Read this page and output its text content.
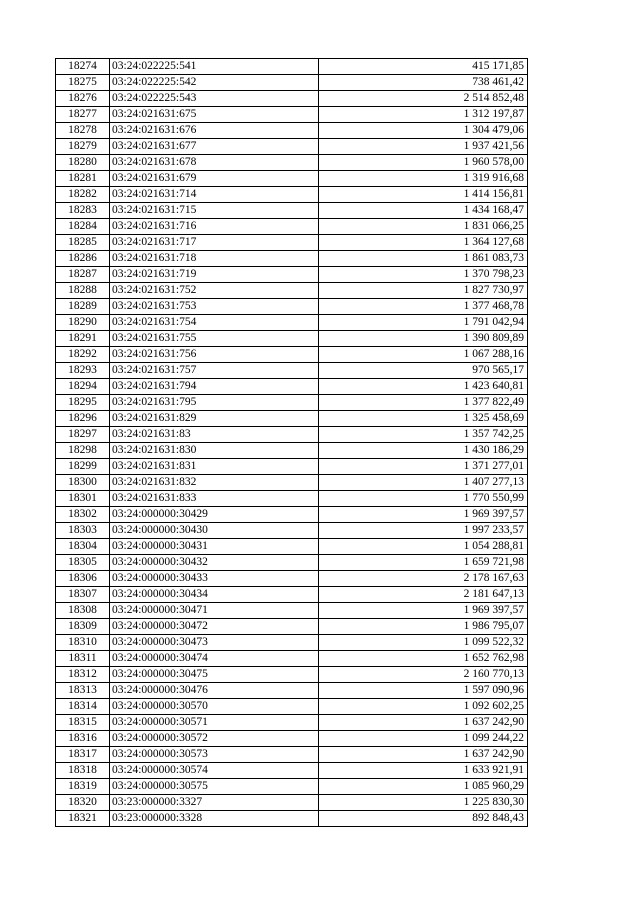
18274	03:24:022225:541	415 171,85
18275	03:24:022225:542	738 461,42
18276	03:24:022225:543	2 514 852,48
18277	03:24:021631:675	1 312 197,87
18278	03:24:021631:676	1 304 479,06
18279	03:24:021631:677	1 937 421,56
18280	03:24:021631:678	1 960 578,00
18281	03:24:021631:679	1 319 916,68
18282	03:24:021631:714	1 414 156,81
18283	03:24:021631:715	1 434 168,47
18284	03:24:021631:716	1 831 066,25
18285	03:24:021631:717	1 364 127,68
18286	03:24:021631:718	1 861 083,73
18287	03:24:021631:719	1 370 798,23
18288	03:24:021631:752	1 827 730,97
18289	03:24:021631:753	1 377 468,78
18290	03:24:021631:754	1 791 042,94
18291	03:24:021631:755	1 390 809,89
18292	03:24:021631:756	1 067 288,16
18293	03:24:021631:757	970 565,17
18294	03:24:021631:794	1 423 640,81
18295	03:24:021631:795	1 377 822,49
18296	03:24:021631:829	1 325 458,69
18297	03:24:021631:83	1 357 742,25
18298	03:24:021631:830	1 430 186,29
18299	03:24:021631:831	1 371 277,01
18300	03:24:021631:832	1 407 277,13
18301	03:24:021631:833	1 770 550,99
18302	03:24:000000:30429	1 969 397,57
18303	03:24:000000:30430	1 997 233,57
18304	03:24:000000:30431	1 054 288,81
18305	03:24:000000:30432	1 659 721,98
18306	03:24:000000:30433	2 178 167,63
18307	03:24:000000:30434	2 181 647,13
18308	03:24:000000:30471	1 969 397,57
18309	03:24:000000:30472	1 986 795,07
18310	03:24:000000:30473	1 099 522,32
18311	03:24:000000:30474	1 652 762,98
18312	03:24:000000:30475	2 160 770,13
18313	03:24:000000:30476	1 597 090,96
18314	03:24:000000:30570	1 092 602,25
18315	03:24:000000:30571	1 637 242,90
18316	03:24:000000:30572	1 099 244,22
18317	03:24:000000:30573	1 637 242,90
18318	03:24:000000:30574	1 633 921,91
18319	03:24:000000:30575	1 085 960,29
18320	03:23:000000:3327	1 225 830,30
18321	03:23:000000:3328	892 848,43
